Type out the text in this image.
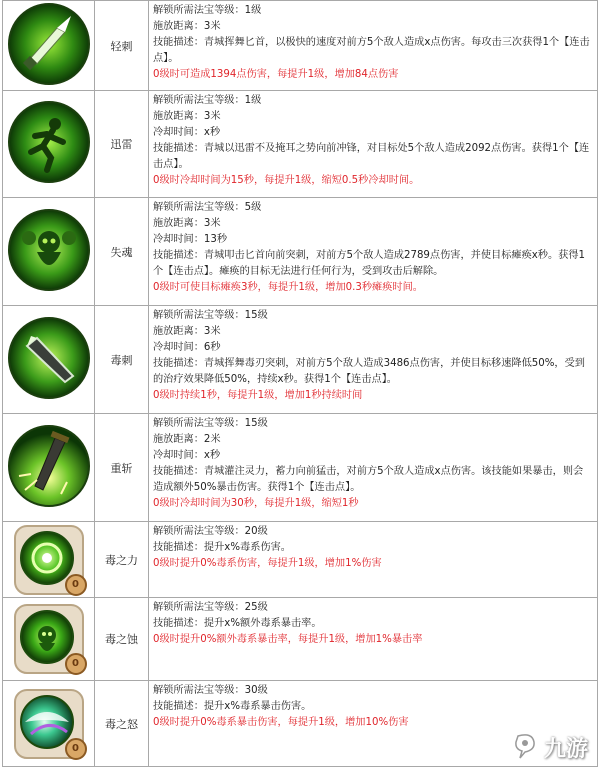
	轻刺	解锁所需法宝等级：1级
施放距离：3米
技能描述：青城挥舞匕首，以极快的速度对前方5个敌人造成x点伤害。每攻击三次获得1个【连击点】。
0级时可造成1394点伤害，每提升1级，增加84点伤害

	迅雷	解锁所需法宝等级：1级
施放距离：3米
冷却时间：x秒
技能描述：青城以迅雷不及掩耳之势向前冲锋，对目标处5个敌人造成2092点伤害。获得1个【连击点】。
0级时冷却时间为15秒，每提升1级，缩短0.5秒冷却时间。

	失魂	解锁所需法宝等级：5级
施放距离：3米
冷却时间：13秒
技能描述：青城叩击匕首向前突刺，对前方5个敌人造成2789点伤害，并使目标瘫痪x秒。获得1个【连击点】。瘫痪的目标无法进行任何行为，受到攻击后解除。
0级时可使目标瘫痪3秒，每提升1级，增加0.3秒瘫痪时间。

	毒刺	解锁所需法宝等级：15级
施放距离：3米
冷却时间：6秒
技能描述：青城挥舞毒刃突刺，对前方5个敌人造成3486点伤害，并使目标移速降低50%，受到的治疗效果降低50%，持续x秒。获得1个【连击点】。
0级时持续1秒，每提升1级，增加1秒持续时间

	重斩	解锁所需法宝等级：15级
施放距离：2米
冷却时间：x秒
技能描述：青城灌注灵力，蓄力向前猛击，对前方5个敌人造成x点伤害。该技能如果暴击，则会造成额外50%暴击伤害。获得1个【连击点】。
0级时冷却时间为30秒，每提升1级，缩短1秒

0	毒之力	解锁所需法宝等级：20级
技能描述：提升x%毒系伤害。
0级时提升0%毒系伤害，每提升1级，增加1%伤害

0	毒之蚀	解锁所需法宝等级：25级
技能描述：提升x%额外毒系暴击率。
0级时提升0%额外毒系暴击率，每提升1级，增加1%暴击率

0	毒之怒	解锁所需法宝等级：30级
技能描述：提升x%毒系暴击伤害。
0级时提升0%毒系暴击伤害，每提升1级，增加10%伤害
九游
